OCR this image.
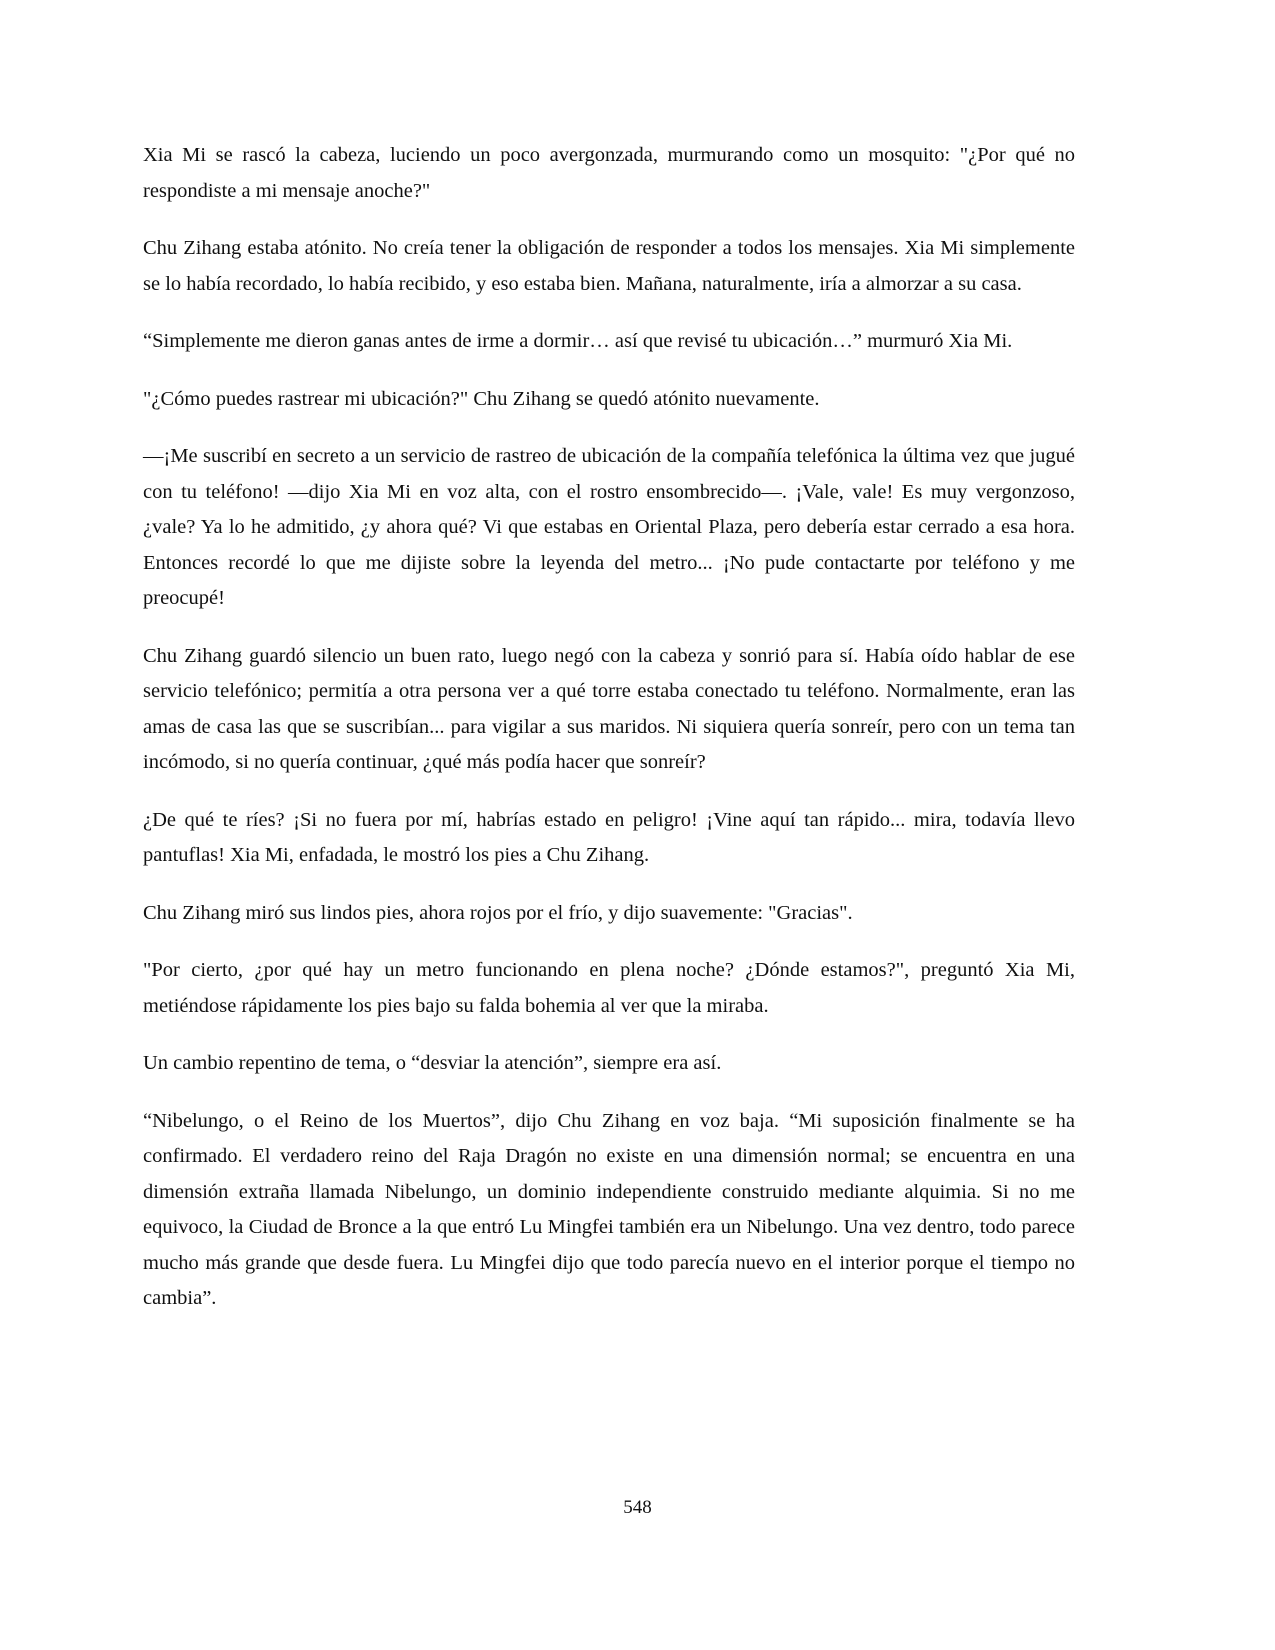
Xia Mi se rascó la cabeza, luciendo un poco avergonzada, murmurando como un mosquito: "¿Por qué no respondiste a mi mensaje anoche?"

Chu Zihang estaba atónito. No creía tener la obligación de responder a todos los mensajes. Xia Mi simplemente se lo había recordado, lo había recibido, y eso estaba bien. Mañana, naturalmente, iría a almorzar a su casa.

“Simplemente me dieron ganas antes de irme a dormir… así que revisé tu ubicación…” murmuró Xia Mi.

"¿Cómo puedes rastrear mi ubicación?" Chu Zihang se quedó atónito nuevamente.

—¡Me suscribí en secreto a un servicio de rastreo de ubicación de la compañía telefónica la última vez que jugué con tu teléfono! —dijo Xia Mi en voz alta, con el rostro ensombrecido—. ¡Vale, vale! Es muy vergonzoso, ¿vale? Ya lo he admitido, ¿y ahora qué? Vi que estabas en Oriental Plaza, pero debería estar cerrado a esa hora. Entonces recordé lo que me dijiste sobre la leyenda del metro... ¡No pude contactarte por teléfono y me preocupé!

Chu Zihang guardó silencio un buen rato, luego negó con la cabeza y sonrió para sí. Había oído hablar de ese servicio telefónico; permitía a otra persona ver a qué torre estaba conectado tu teléfono. Normalmente, eran las amas de casa las que se suscribían... para vigilar a sus maridos. Ni siquiera quería sonreír, pero con un tema tan incómodo, si no quería continuar, ¿qué más podía hacer que sonreír?

¿De qué te ríes? ¡Si no fuera por mí, habrías estado en peligro! ¡Vine aquí tan rápido... mira, todavía llevo pantuflas! Xia Mi, enfadada, le mostró los pies a Chu Zihang.

Chu Zihang miró sus lindos pies, ahora rojos por el frío, y dijo suavemente: "Gracias".

"Por cierto, ¿por qué hay un metro funcionando en plena noche? ¿Dónde estamos?", preguntó Xia Mi, metiéndose rápidamente los pies bajo su falda bohemia al ver que la miraba.

Un cambio repentino de tema, o “desviar la atención”, siempre era así.

“Nibelungo, o el Reino de los Muertos”, dijo Chu Zihang en voz baja. “Mi suposición finalmente se ha confirmado. El verdadero reino del Raja Dragón no existe en una dimensión normal; se encuentra en una dimensión extraña llamada Nibelungo, un dominio independiente construido mediante alquimia. Si no me equivoco, la Ciudad de Bronce a la que entró Lu Mingfei también era un Nibelungo. Una vez dentro, todo parece mucho más grande que desde fuera. Lu Mingfei dijo que todo parecía nuevo en el interior porque el tiempo no cambia”.

548
